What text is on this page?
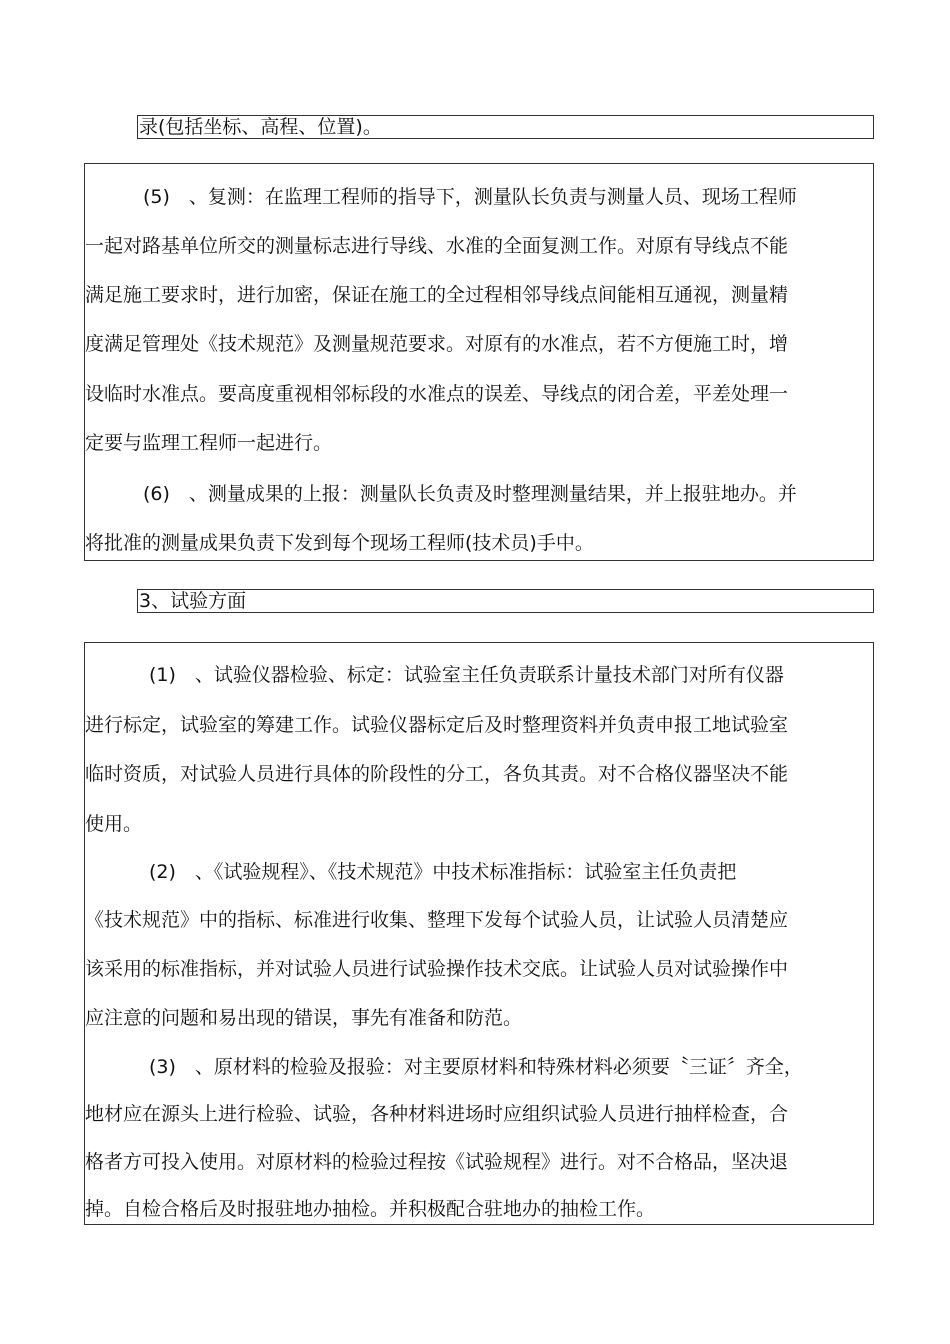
录(包括坐标、高程、位置)。
(5)　、复测：在监理工程师的指导下，测量队长负责与测量人员、现场工程师
一起对路基单位所交的测量标志进行导线、水准的全面复测工作。对原有导线点不能
满足施工要求时，进行加密，保证在施工的全过程相邻导线点间能相互通视，测量精
度满足管理处《技术规范》及测量规范要求。对原有的水准点，若不方便施工时，增
设临时水准点。要高度重视相邻标段的水准点的误差、导线点的闭合差，平差处理一
定要与监理工程师一起进行。
(6)　、测量成果的上报：测量队长负责及时整理测量结果，并上报驻地办。并
将批准的测量成果负责下发到每个现场工程师(技术员)手中。
3、试验方面
(1)　、试验仪器检验、标定：试验室主任负责联系计量技术部门对所有仪器
进行标定，试验室的筹建工作。试验仪器标定后及时整理资料并负责申报工地试验室
临时资质，对试验人员进行具体的阶段性的分工，各负其责。对不合格仪器坚决不能
使用。
(2)　、《试验规程》、《技术规范》中技术标准指标：试验室主任负责把
《技术规范》中的指标、标准进行收集、整理下发每个试验人员，让试验人员清楚应
该采用的标准指标，并对试验人员进行试验操作技术交底。让试验人员对试验操作中
应注意的问题和易出现的错误，事先有准备和防范。
(3)　、原材料的检验及报验：对主要原材料和特殊材料必须要〝三证〞齐全，
地材应在源头上进行检验、试验，各种材料进场时应组织试验人员进行抽样检查，合
格者方可投入使用。对原材料的检验过程按《试验规程》进行。对不合格品，坚决退
掉。自检合格后及时报驻地办抽检。并积极配合驻地办的抽检工作。
